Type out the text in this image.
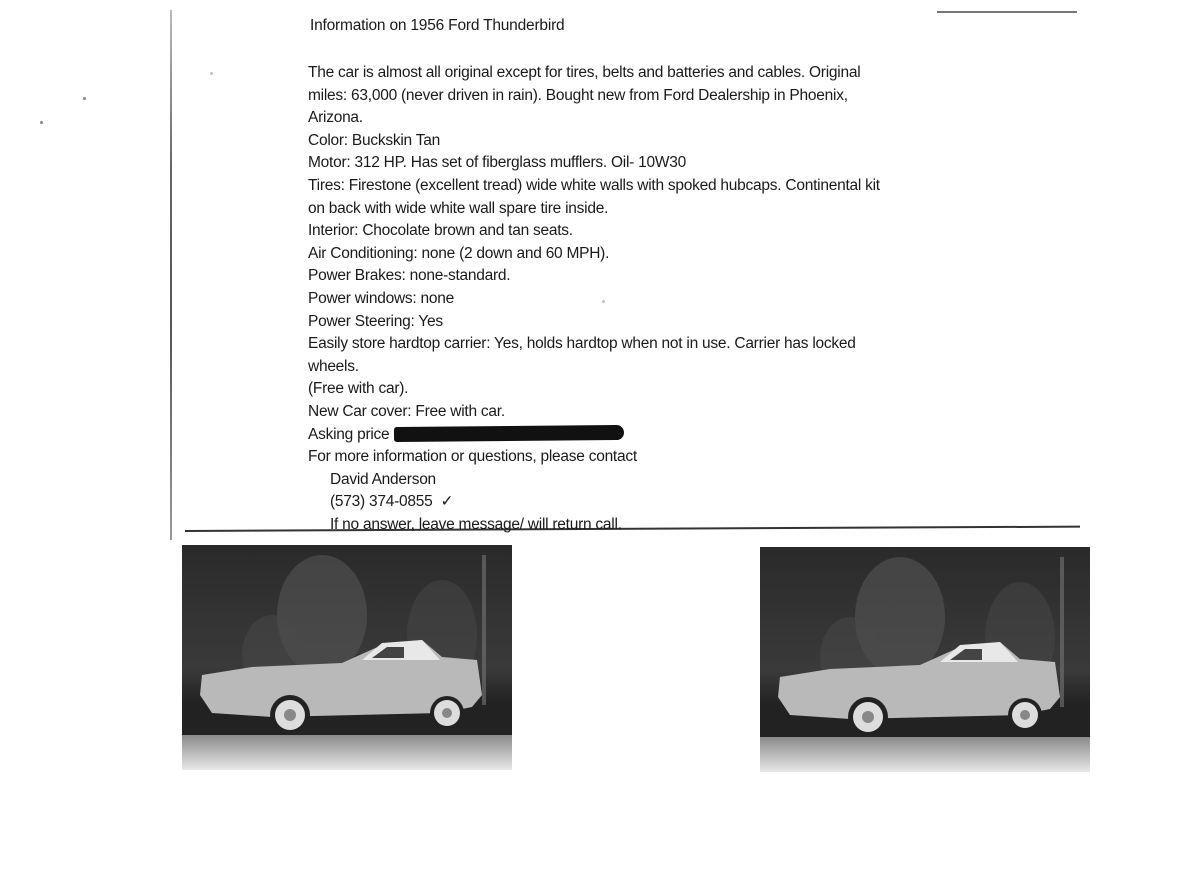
Information on 1956 Ford Thunderbird

The car is almost all original except for tires, belts and batteries and cables. Original

miles: 63,000 (never driven in rain). Bought new from Ford Dealership in Phoenix,

Arizona.

Color: Buckskin Tan

Motor: 312 HP. Has set of fiberglass mufflers. Oil- 10W30

Tires: Firestone (excellent tread) wide white walls with spoked hubcaps. Continental kit

on back with wide white wall spare tire inside.

Interior: Chocolate brown and tan seats.

Air Conditioning: none (2 down and 60 MPH).

Power Brakes: none-standard.

Power windows: none

Power Steering: Yes

Easily store hardtop carrier: Yes, holds hardtop when not in use. Carrier has locked

wheels.

(Free with car).

New Car cover: Free with car.

Asking price

For more information or questions, please contact

David Anderson

(573) 374-0855 ✓

If no answer, leave message/ will return call.
